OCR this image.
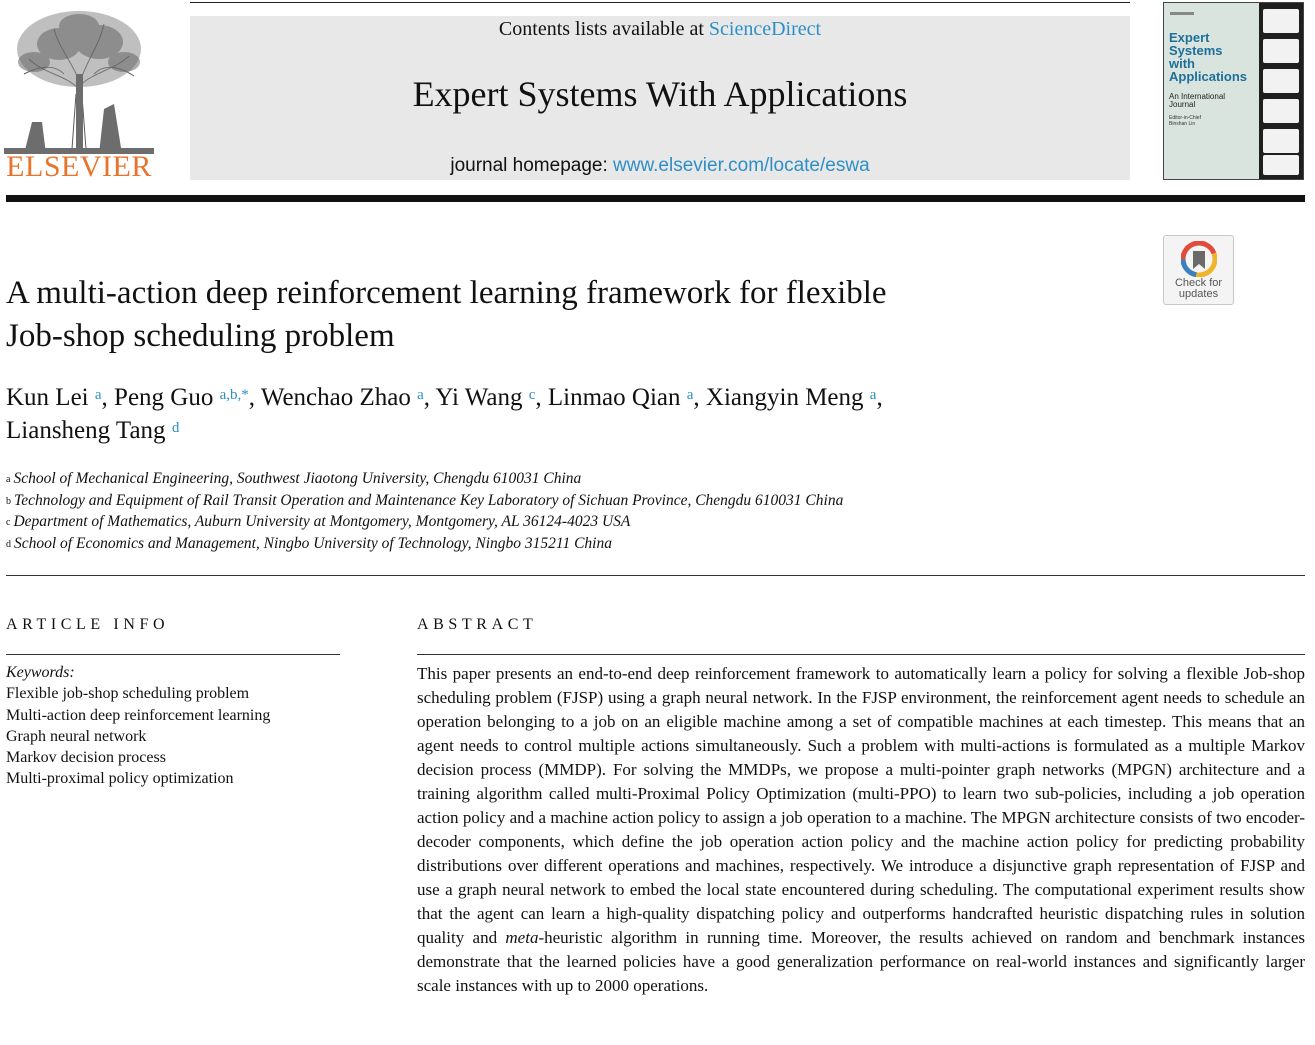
ELSEVIER
Contents lists available at ScienceDirect
Expert Systems With Applications
journal homepage: www.elsevier.com/locate/eswa
Expert
Systems
with
Applications
An International
Journal
Editor-in-Chief
Binshan Lin
Check for
updates
A multi-action deep reinforcement learning framework for flexible
Job-shop scheduling problem
Kun Lei $^a$, Peng Guo $^{a,b,*}$, Wenchao Zhao $^a$, Yi Wang $^c$, Linmao Qian $^a$, Xiangyin Meng $^a$,
Liansheng Tang $^d$
$^a$ School of Mechanical Engineering, Southwest Jiaotong University, Chengdu 610031 China
$^b$ Technology and Equipment of Rail Transit Operation and Maintenance Key Laboratory of Sichuan Province, Chengdu 610031 China
$^c$ Department of Mathematics, Auburn University at Montgomery, Montgomery, AL 36124-4023 USA
$^d$ School of Economics and Management, Ningbo University of Technology, Ningbo 315211 China
ARTICLE INFO	ABSTRACT
Keywords:
Flexible job-shop scheduling problem
Multi-action deep reinforcement learning
Graph neural network
Markov decision process
Multi-proximal policy optimization
This paper presents an end-to-end deep reinforcement framework to automatically learn a policy for solving a flexible Job-shop scheduling problem (FJSP) using a graph neural network. In the FJSP environment, the reinforcement agent needs to schedule an operation belonging to a job on an eligible machine among a set of compatible machines at each timestep. This means that an agent needs to control multiple actions simultaneously. Such a problem with multi-actions is formulated as a multiple Markov decision process (MMDP). For solving the MMDPs, we propose a multi-pointer graph networks (MPGN) architecture and a training algorithm called multi-Proximal Policy Optimization (multi-PPO) to learn two sub-policies, including a job operation action policy and a machine action policy to assign a job operation to a machine. The MPGN architecture consists of two encoder-decoder components, which define the job operation action policy and the machine action policy for predicting probability distributions over different operations and machines, respectively. We introduce a disjunctive graph representation of FJSP and use a graph neural network to embed the local state encountered during scheduling. The computational experiment results show that the agent can learn a high-quality dispatching policy and outperforms handcrafted heuristic dispatching rules in solution quality and meta-heuristic algorithm in running time. Moreover, the results achieved on random and benchmark instances demonstrate that the learned policies have a good generalization performance on real-world instances and significantly larger scale instances with up to 2000 operations.
